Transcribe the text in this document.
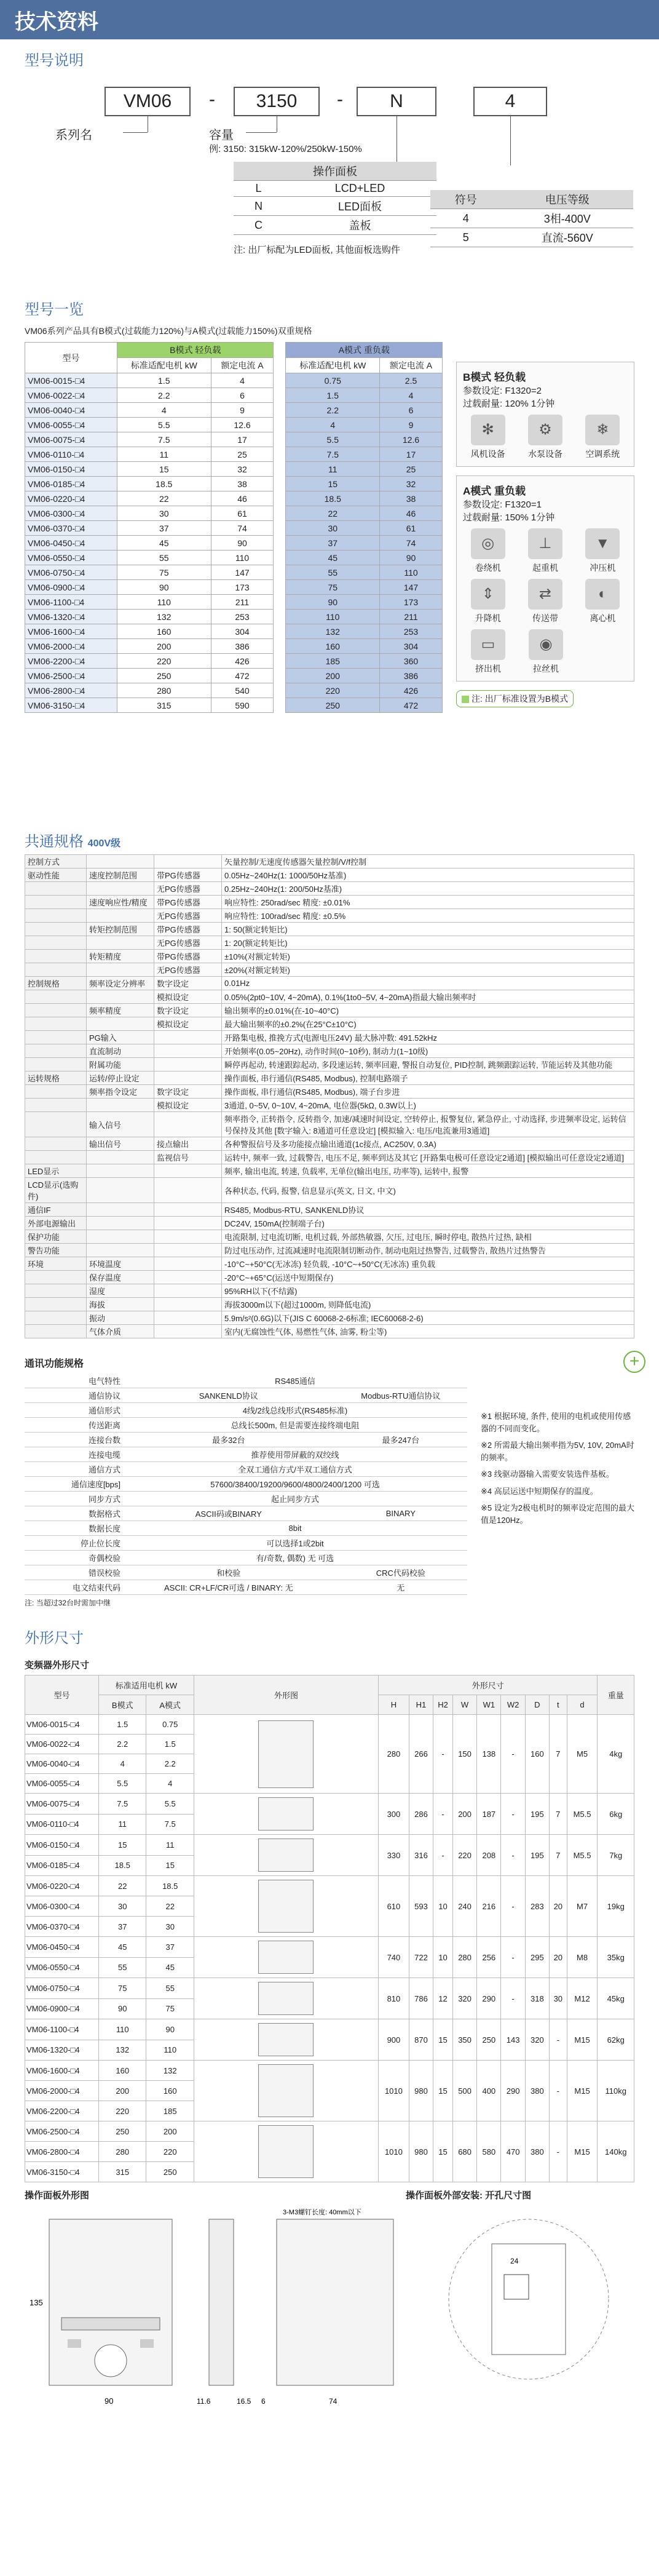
技术资料
型号说明
VM06	-	3150	-	N	4
系列名	容量
例: 3150: 315kW-120%/250kW-150%
操作面板	
L	LCD+LED
N	LED面板
C	盖板
注: 出厂标配为LED面板, 其他面板选购件
符号	电压等级
4	3相-400V
5	直流-560V
型号一览
VM06系列产品具有B模式(过载能力120%)与A模式(过载能力150%)双重规格
型号	B模式 轻负载			A模式 重负载	
	标准适配电机 kW	额定电流 A		标准适配电机 kW	额定电流 A
VM06-0015-□4	1.5	4		0.75	2.5
VM06-0022-□4	2.2	6		1.5	4
VM06-0040-□4	4	9		2.2	6
VM06-0055-□4	5.5	12.6		4	9
VM06-0075-□4	7.5	17		5.5	12.6
VM06-0110-□4	11	25		7.5	17
VM06-0150-□4	15	32		11	25
VM06-0185-□4	18.5	38		15	32
VM06-0220-□4	22	46		18.5	38
VM06-0300-□4	30	61		22	46
VM06-0370-□4	37	74		30	61
VM06-0450-□4	45	90		37	74
VM06-0550-□4	55	110		45	90
VM06-0750-□4	75	147		55	110
VM06-0900-□4	90	173		75	147
VM06-1100-□4	110	211		90	173
VM06-1320-□4	132	253		110	211
VM06-1600-□4	160	304		132	253
VM06-2000-□4	200	386		160	304
VM06-2200-□4	220	426		185	360
VM06-2500-□4	250	472		200	386
VM06-2800-□4	280	540		220	426
VM06-3150-□4	315	590		250	472
B模式 轻负载
参数设定: F1320=2
过载耐量: 120% 1分钟
✻
风机设备
⚙
水泵设备
❄
空调系统
A模式 重负载
参数设定: F1320=1
过载耐量: 150% 1分钟
◎
卷绕机
⊥
起重机
▼
冲压机
⇕
升降机
⇄
传送带
◐
离心机
▭
挤出机
◉
拉丝机
注: 出厂标准设置为B模式
共通规格 400V级
控制方式			矢量控制/无速度传感器矢量控制/V/f控制
驱动性能	速度控制范围	带PG传感器	0.05Hz~240Hz(1: 1000/50Hz基准)
		无PG传感器	0.25Hz~240Hz(1: 200/50Hz基准)
	速度响应性/精度	带PG传感器	响应特性: 250rad/sec 精度: ±0.01%
		无PG传感器	响应特性: 100rad/sec 精度: ±0.5%
	转矩控制范围	带PG传感器	1: 50(额定转矩比)
		无PG传感器	1: 20(额定转矩比)
	转矩精度	带PG传感器	±10%(对额定转矩)
		无PG传感器	±20%(对额定转矩)
控制规格	频率设定分辨率	数字设定	0.01Hz
		模拟设定	0.05%(2pt0~10V, 4~20mA), 0.1%(1to0~5V, 4~20mA)指最大输出频率时
	频率精度	数字设定	输出频率的±0.01%(在-10~40°C)
		模拟设定	最大输出频率的±0.2%(在25°C±10°C)
	PG输入		开路集电极, 推挽方式(电源电压24V) 最大脉冲数: 491.52kHz
	直流制动		开始频率(0.05~20Hz), 动作时间(0~10秒), 制动力(1~10级)
	附属功能		瞬停再起动, 转速跟踪起动, 多段速运转, 频率回避, 警报自动复位, PID控制, 跳频跟踪运转, 节能运转及其他功能
运转规格	运转/停止设定		操作面板, 串行通信(RS485, Modbus), 控制电路端子
	频率指令设定	数字设定	操作面板, 串行通信(RS485, Modbus), 端子台步进
		模拟设定	3通道, 0~5V, 0~10V, 4~20mA, 电位器(5kΩ, 0.3W以上)
	输入信号		频率指令, 正转指令, 反转指令, 加速/减速时间设定, 空转停止, 报警复位, 紧急停止, 寸动选择, 步进频率设定, 运转信号保持及其他 [数字输入: 8通道可任意设定] [模拟输入: 电压/电流兼用3通道]
	输出信号	接点输出	各种警报信号及多功能接点输出通道(1c接点, AC250V, 0.3A)
		监视信号	运转中, 频率一致, 过载警告, 电压不足, 频率到达及其它 [开路集电极可任意设定2通道] [模拟输出可任意设定2通道]
LED显示			频率, 输出电流, 转速, 负载率, 无单位(输出电压, 功率等), 运转中, 报警
LCD显示(选购件)			各种状态, 代码, 报警, 信息显示(英文, 日文, 中文)
通信IF			RS485, Modbus-RTU, SANKENLD协议
外部电源输出			DC24V, 150mA(控制端子台)
保护功能			电流限制, 过电流切断, 电机过载, 外部热敏器, 欠压, 过电压, 瞬时停电, 散热片过热, 缺相
警告功能			防过电压动作, 过流减速时电流限制切断动作, 制动电阻过热警告, 过载警告, 散热片过热警告
环境	环境温度		-10°C~+50°C(无冰冻) 轻负载, -10°C~+50°C(无冰冻) 重负载
	保存温度		-20°C~+65°C(运送中短期保存)
	湿度		95%RH以下(不结露)
	海拔		海拔3000m以下(超过1000m, 则降低电流)
	振动		5.9m/s²(0.6G)以下(JIS C 60068-2-6标准; IEC60068-2-6)
	气体介质		室内(无腐蚀性气体, 易燃性气体, 油雾, 粉尘等)
+
通讯功能规格
电气特性	RS485通信	
通信协议	SANKENLD协议	Modbus-RTU通信协议
通信形式	4线/2线总线形式(RS485标准)	
传送距离	总线长500m, 但是需要连接终端电阻	
连接台数	最多32台	最多247台
连接电缆	推荐使用带屏蔽的双绞线	
通信方式	全双工通信方式/半双工通信方式	
通信速度[bps]	57600/38400/19200/9600/4800/2400/1200 可选	
同步方式	起止同步方式	
数据格式	ASCII码或BINARY	BINARY
数据长度	8bit	
停止位长度	可以选择1或2bit	
奇偶校验	有/奇数, 偶数) 无 可选	
错误校验	和校验	CRC代码校验
电文结束代码	ASCII: CR+LF/CR可选 / BINARY: 无	无
注: 当超过32台时需加中继

※1 根据环境, 条件, 使用的电机或使用传感器的不同而变化。

※2 所需最大输出频率指为5V, 10V, 20mA时的频率。

※3 线驱动器输入需要安装选件基板。

※4 高层运送中短期保存的温度。

※5 设定为2极电机时的频率设定范围的最大值是120Hz。

外形尺寸
变频器外形尺寸
型号	标准适用电机 kW		外形图	外形尺寸									重量
	B模式	A模式		H	H1	H2	W	W1	W2	D	t	d	
VM06-0015-□4	1.5	0.75		280	266	-	150	138	-	160	7	M5	4kg
VM06-0022-□4	2.2	1.5											
VM06-0040-□4	4	2.2											
VM06-0055-□4	5.5	4											
VM06-0075-□4	7.5	5.5		300	286	-	200	187	-	195	7	M5.5	6kg
VM06-0110-□4	11	7.5											
VM06-0150-□4	15	11		330	316	-	220	208	-	195	7	M5.5	7kg
VM06-0185-□4	18.5	15											
VM06-0220-□4	22	18.5		610	593	10	240	216	-	283	20	M7	19kg
VM06-0300-□4	30	22											
VM06-0370-□4	37	30											
VM06-0450-□4	45	37		740	722	10	280	256	-	295	20	M8	35kg
VM06-0550-□4	55	45											
VM06-0750-□4	75	55		810	786	12	320	290	-	318	30	M12	45kg
VM06-0900-□4	90	75											
VM06-1100-□4	110	90		900	870	15	350	250	143	320	-	M15	62kg
VM06-1320-□4	132	110											
VM06-1600-□4	160	132		1010	980	15	500	400	290	380	-	M15	110kg
VM06-2000-□4	200	160											
VM06-2200-□4	220	185											
VM06-2500-□4	250	200		1010	980	15	680	580	470	380	-	M15	140kg
VM06-2800-□4	280	220											
VM06-3150-□4	315	250											
操作面板外形图	操作面板外部安装: 开孔尺寸图
90
135
3-M3螺钉长度: 40mm以下
11.6	16.5 6	74
24
